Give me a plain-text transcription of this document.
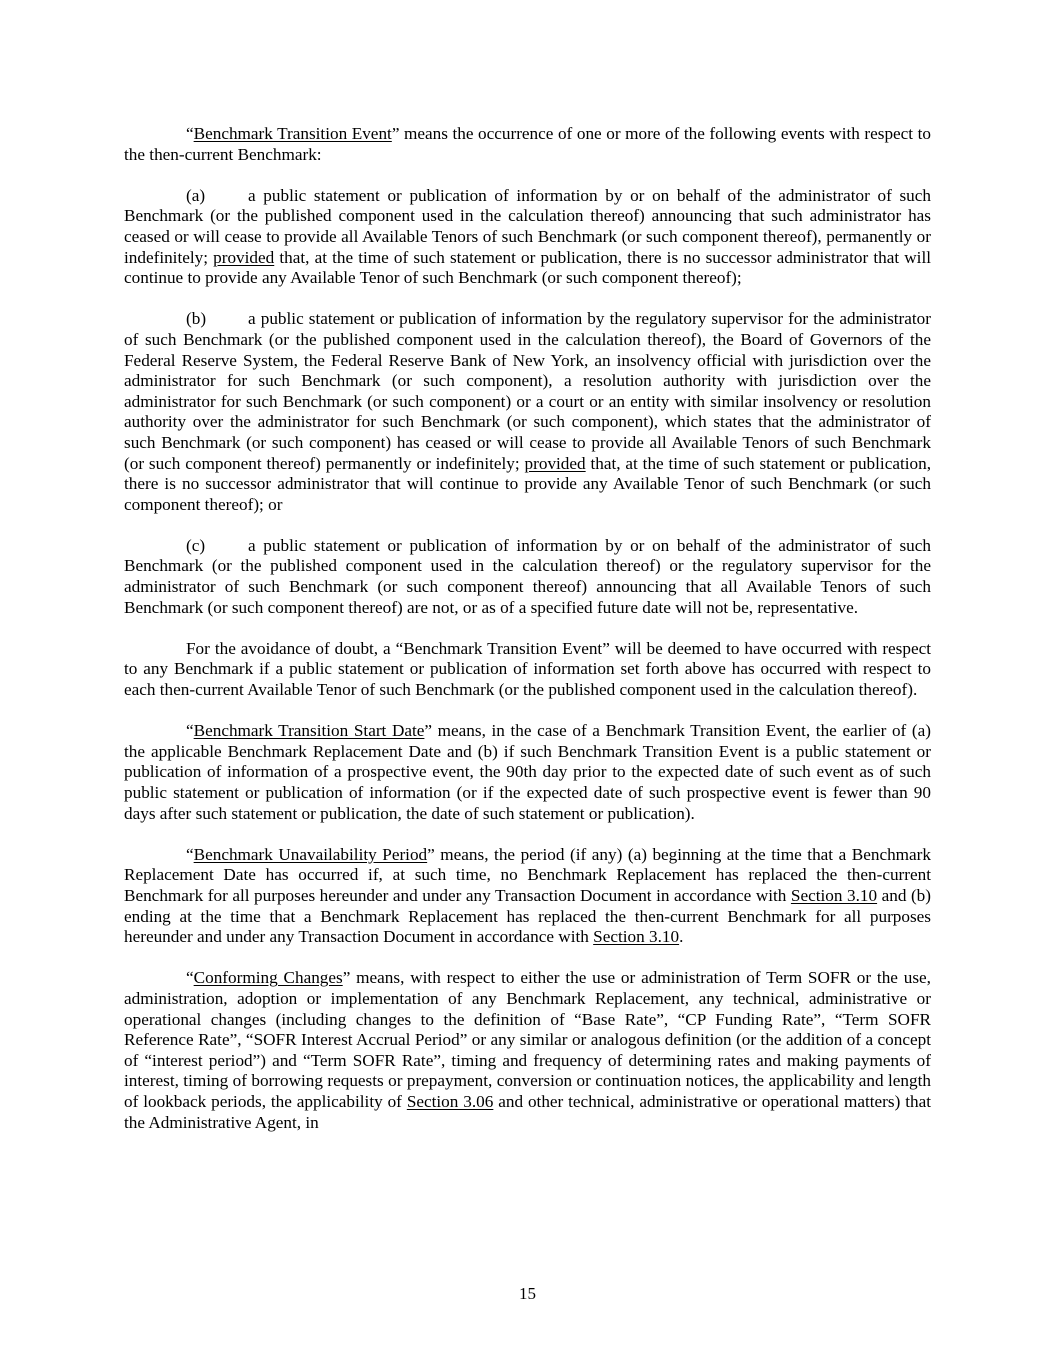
“Benchmark Transition Event” means the occurrence of one or more of the following events with respect to the then-current Benchmark:

(a) a public statement or publication of information by or on behalf of the administrator of such Benchmark (or the published component used in the calculation thereof) announcing that such administrator has ceased or will cease to provide all Available Tenors of such Benchmark (or such component thereof), permanently or indefinitely; provided that, at the time of such statement or publication, there is no successor administrator that will continue to provide any Available Tenor of such Benchmark (or such component thereof);

(b) a public statement or publication of information by the regulatory supervisor for the administrator of such Benchmark (or the published component used in the calculation thereof), the Board of Governors of the Federal Reserve System, the Federal Reserve Bank of New York, an insolvency official with jurisdiction over the administrator for such Benchmark (or such component), a resolution authority with jurisdiction over the administrator for such Benchmark (or such component) or a court or an entity with similar insolvency or resolution authority over the administrator for such Benchmark (or such component), which states that the administrator of such Benchmark (or such component) has ceased or will cease to provide all Available Tenors of such Benchmark (or such component thereof) permanently or indefinitely; provided that, at the time of such statement or publication, there is no successor administrator that will continue to provide any Available Tenor of such Benchmark (or such component thereof); or

(c) a public statement or publication of information by or on behalf of the administrator of such Benchmark (or the published component used in the calculation thereof) or the regulatory supervisor for the administrator of such Benchmark (or such component thereof) announcing that all Available Tenors of such Benchmark (or such component thereof) are not, or as of a specified future date will not be, representative.

For the avoidance of doubt, a “Benchmark Transition Event” will be deemed to have occurred with respect to any Benchmark if a public statement or publication of information set forth above has occurred with respect to each then-current Available Tenor of such Benchmark (or the published component used in the calculation thereof).

“Benchmark Transition Start Date” means, in the case of a Benchmark Transition Event, the earlier of (a) the applicable Benchmark Replacement Date and (b) if such Benchmark Transition Event is a public statement or publication of information of a prospective event, the 90th day prior to the expected date of such event as of such public statement or publication of information (or if the expected date of such prospective event is fewer than 90 days after such statement or publication, the date of such statement or publication).

“Benchmark Unavailability Period” means, the period (if any) (a) beginning at the time that a Benchmark Replacement Date has occurred if, at such time, no Benchmark Replacement has replaced the then-current Benchmark for all purposes hereunder and under any Transaction Document in accordance with Section 3.10 and (b) ending at the time that a Benchmark Replacement has replaced the then-current Benchmark for all purposes hereunder and under any Transaction Document in accordance with Section 3.10.

“Conforming Changes” means, with respect to either the use or administration of Term SOFR or the use, administration, adoption or implementation of any Benchmark Replacement, any technical, administrative or operational changes (including changes to the definition of “Base Rate”, “CP Funding Rate”, “Term SOFR Reference Rate”, “SOFR Interest Accrual Period” or any similar or analogous definition (or the addition of a concept of “interest period”) and “Term SOFR Rate”, timing and frequency of determining rates and making payments of interest, timing of borrowing requests or prepayment, conversion or continuation notices, the applicability and length of lookback periods, the applicability of Section 3.06 and other technical, administrative or operational matters) that the Administrative Agent, in

15
